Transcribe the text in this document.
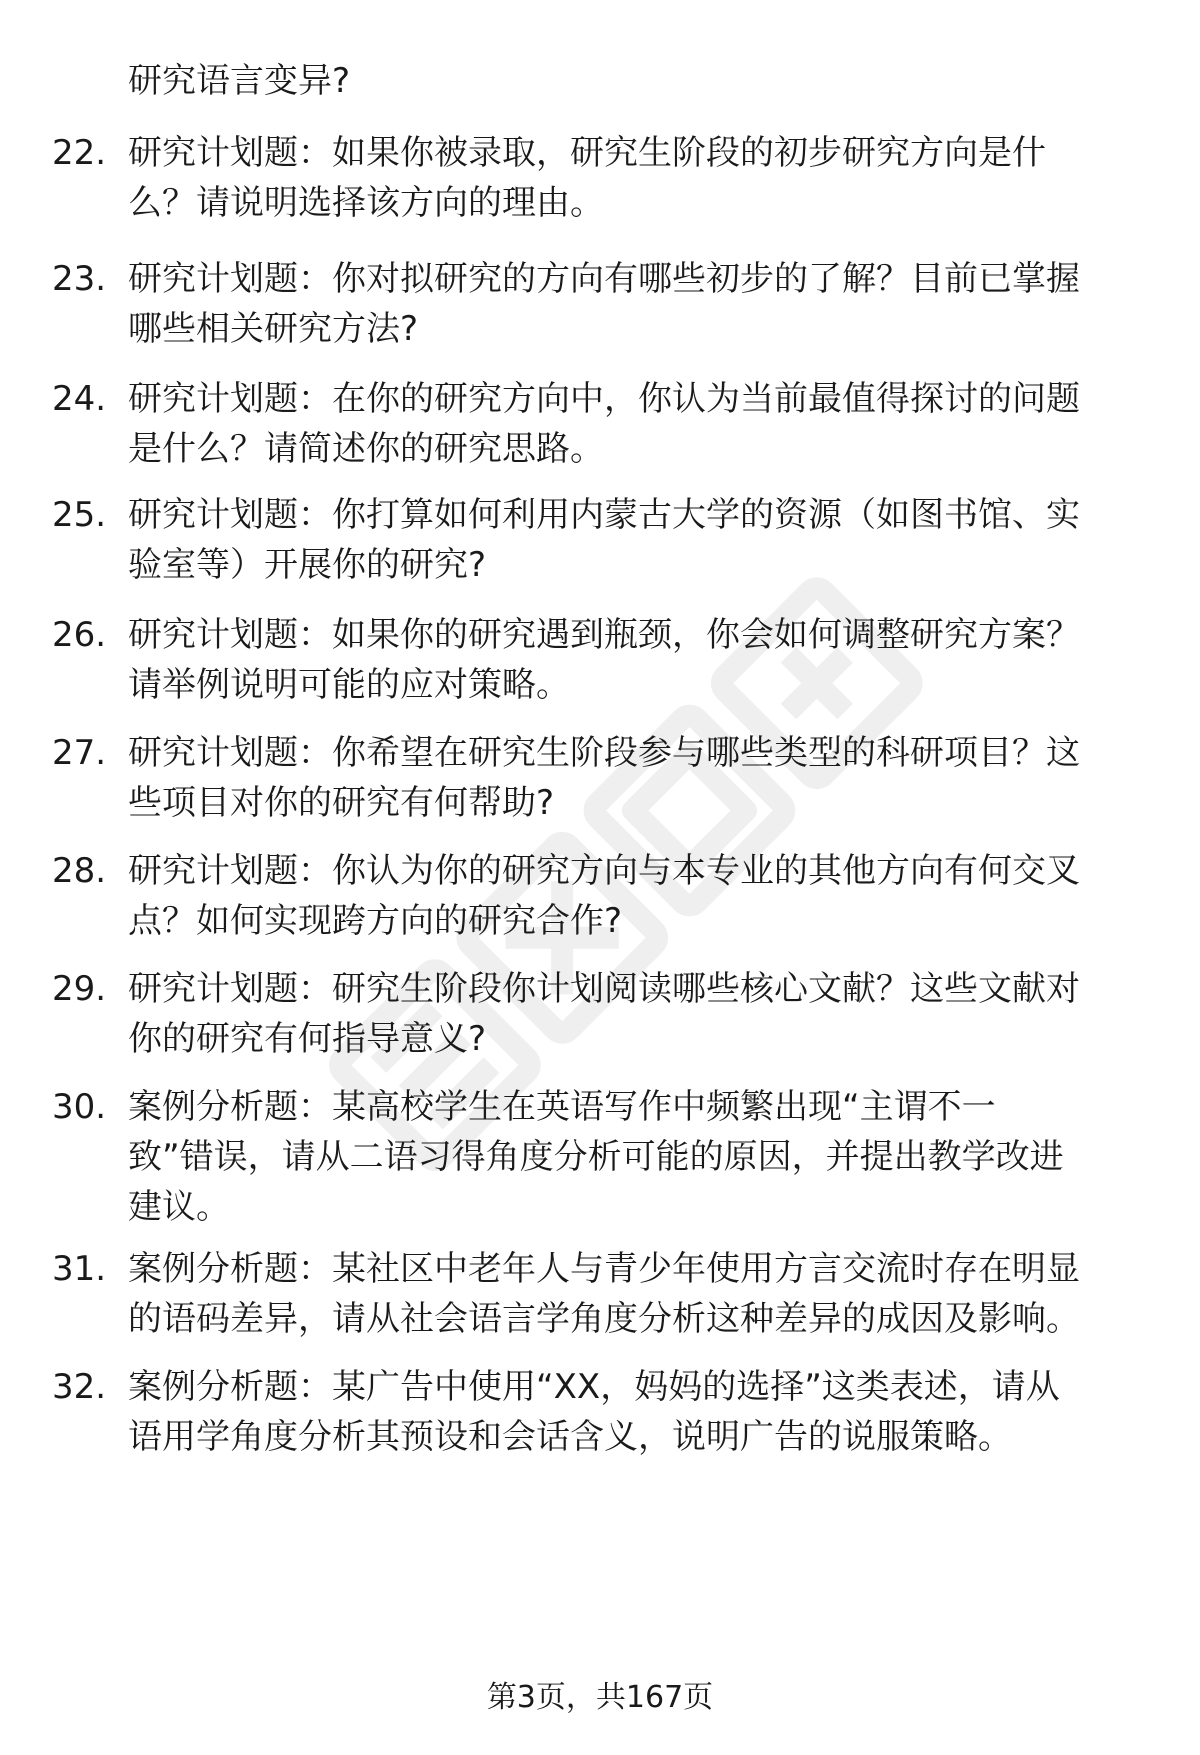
研究语言变异?
22. 研究计划题：如果你被录取，研究生阶段的初步研究方向是什
么？请说明选择该方向的理由。
23. 研究计划题：你对拟研究的方向有哪些初步的了解？目前已掌握
哪些相关研究方法?
24. 研究计划题：在你的研究方向中，你认为当前最值得探讨的问题
是什么？请简述你的研究思路。
25. 研究计划题：你打算如何利用内蒙古大学的资源（如图书馆、实
验室等）开展你的研究?
26. 研究计划题：如果你的研究遇到瓶颈，你会如何调整研究方案？
请举例说明可能的应对策略。
27. 研究计划题：你希望在研究生阶段参与哪些类型的科研项目？这
些项目对你的研究有何帮助?
28. 研究计划题：你认为你的研究方向与本专业的其他方向有何交叉
点？如何实现跨方向的研究合作?
29. 研究计划题：研究生阶段你计划阅读哪些核心文献？这些文献对
你的研究有何指导意义?
30. 案例分析题：某高校学生在英语写作中频繁出现“主谓不一
致”错误，请从二语习得角度分析可能的原因，并提出教学改进
建议。
31. 案例分析题：某社区中老年人与青少年使用方言交流时存在明显
的语码差异，请从社会语言学角度分析这种差异的成因及影响。
32. 案例分析题：某广告中使用“XX，妈妈的选择”这类表述，请从
语用学角度分析其预设和会话含义，说明广告的说服策略。
第3页，共167页
